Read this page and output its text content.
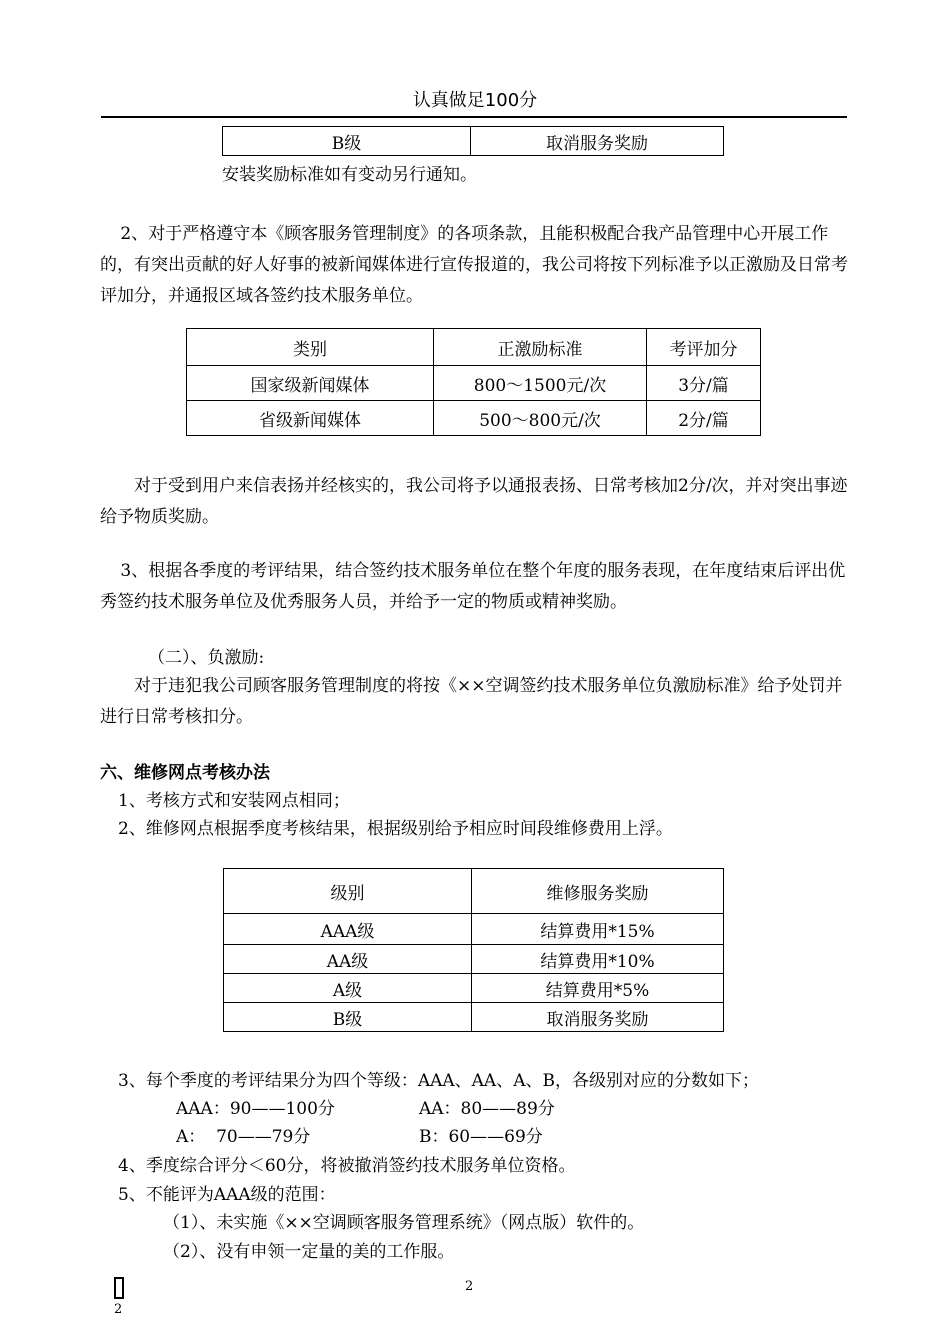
认真做足100分
B级	取消服务奖励
安装奖励标准如有变动另行通知。
2、对于严格遵守本《顾客服务管理制度》的各项条款，且能积极配合我产品管理中心开展工作的，有突出贡献的好人好事的被新闻媒体进行宣传报道的，我公司将按下列标准予以正激励及日常考评加分，并通报区域各签约技术服务单位。
类别	正激励标准	考评加分
国家级新闻媒体	800～1500元/次	3分/篇
省级新闻媒体	500～800元/次	2分/篇
对于受到用户来信表扬并经核实的，我公司将予以通报表扬、日常考核加2分/次，并对突出事迹给予物质奖励。
3、根据各季度的考评结果，结合签约技术服务单位在整个年度的服务表现，在年度结束后评出优秀签约技术服务单位及优秀服务人员，并给予一定的物质或精神奖励。
（二）、负激励:
对于违犯我公司顾客服务管理制度的将按《××空调签约技术服务单位负激励标准》给予处罚并进行日常考核扣分。
六、维修网点考核办法
1、考核方式和安装网点相同；
2、维修网点根据季度考核结果，根据级别给予相应时间段维修费用上浮。
级别	维修服务奖励
AAA级	结算费用*15%
AA级	结算费用*10%
A级	结算费用*5%
B级	取消服务奖励
3、每个季度的考评结果分为四个等级：AAA、AA、A、B，各级别对应的分数如下；
AAA：90——100分	AA：80——89分
A：  70——79分	B：60——69分
4、季度综合评分＜60分，将被撤消签约技术服务单位资格。
5、不能评为AAA级的范围：
（1）、未实施《××空调顾客服务管理系统》（网点版）软件的。
（2）、没有申领一定量的美的工作服。
2
2
